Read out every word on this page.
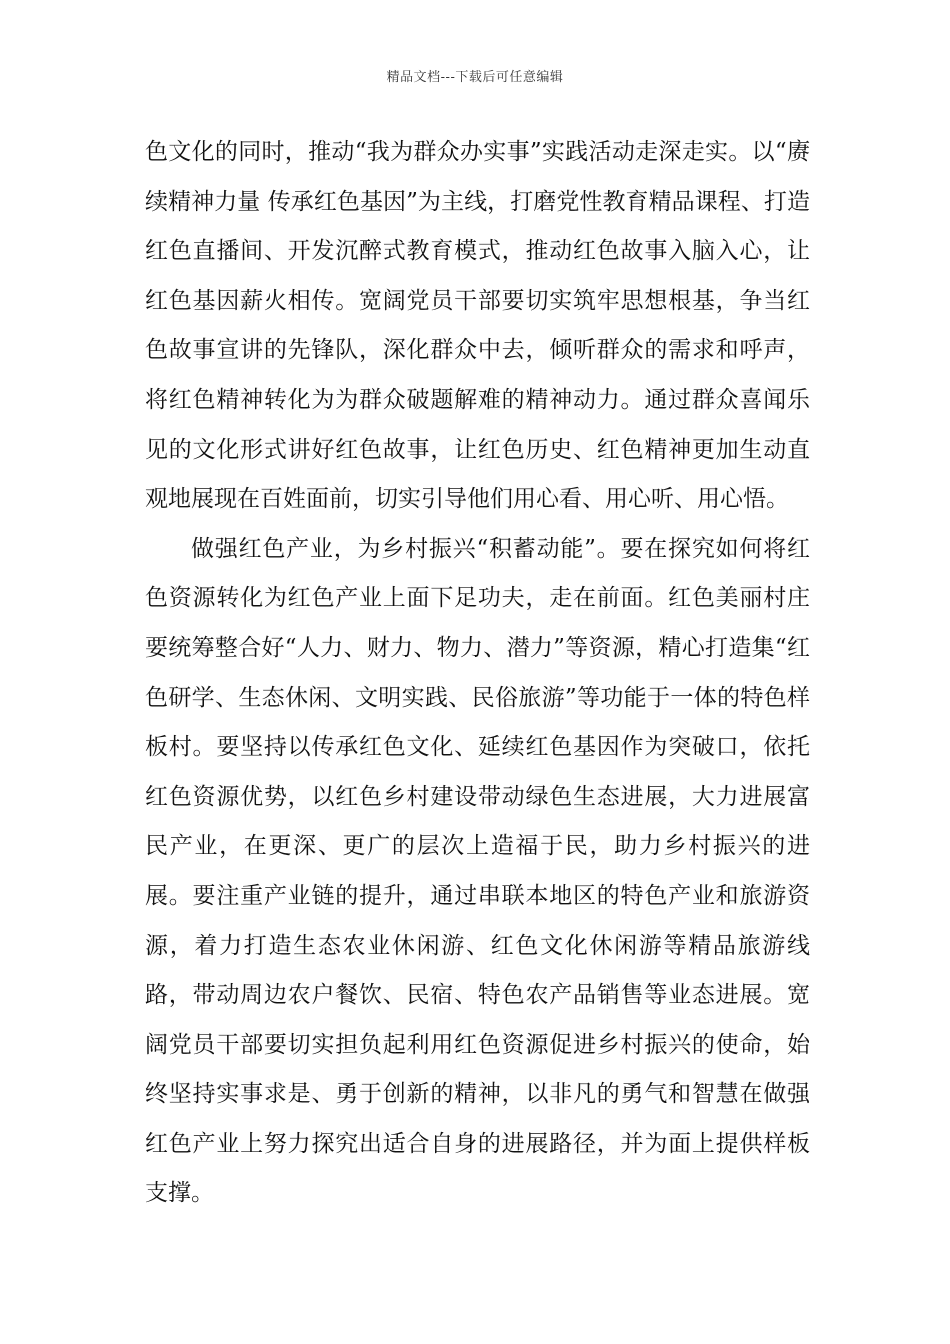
精品文档---下载后可任意编辑

色文化的同时，推动“我为群众办实事”实践活动走深走实。以“赓续精神力量 传承红色基因”为主线，打磨党性教育精品课程、打造红色直播间、开发沉醉式教育模式，推动红色故事入脑入心，让红色基因薪火相传。宽阔党员干部要切实筑牢思想根基，争当红色故事宣讲的先锋队，深化群众中去，倾听群众的需求和呼声，将红色精神转化为为群众破题解难的精神动力。通过群众喜闻乐见的文化形式讲好红色故事，让红色历史、红色精神更加生动直观地展现在百姓面前，切实引导他们用心看、用心听、用心悟。

做强红色产业，为乡村振兴“积蓄动能”。要在探究如何将红色资源转化为红色产业上面下足功夫，走在前面。红色美丽村庄要统筹整合好“人力、财力、物力、潜力”等资源，精心打造集“红色研学、生态休闲、文明实践、民俗旅游”等功能于一体的特色样板村。要坚持以传承红色文化、延续红色基因作为突破口，依托红色资源优势，以红色乡村建设带动绿色生态进展，大力进展富民产业，在更深、更广的层次上造福于民，助力乡村振兴的进展。要注重产业链的提升，通过串联本地区的特色产业和旅游资源，着力打造生态农业休闲游、红色文化休闲游等精品旅游线路，带动周边农户餐饮、民宿、特色农产品销售等业态进展。宽阔党员干部要切实担负起利用红色资源促进乡村振兴的使命，始终坚持实事求是、勇于创新的精神，以非凡的勇气和智慧在做强红色产业上努力探究出适合自身的进展路径，并为面上提供样板支撑。
